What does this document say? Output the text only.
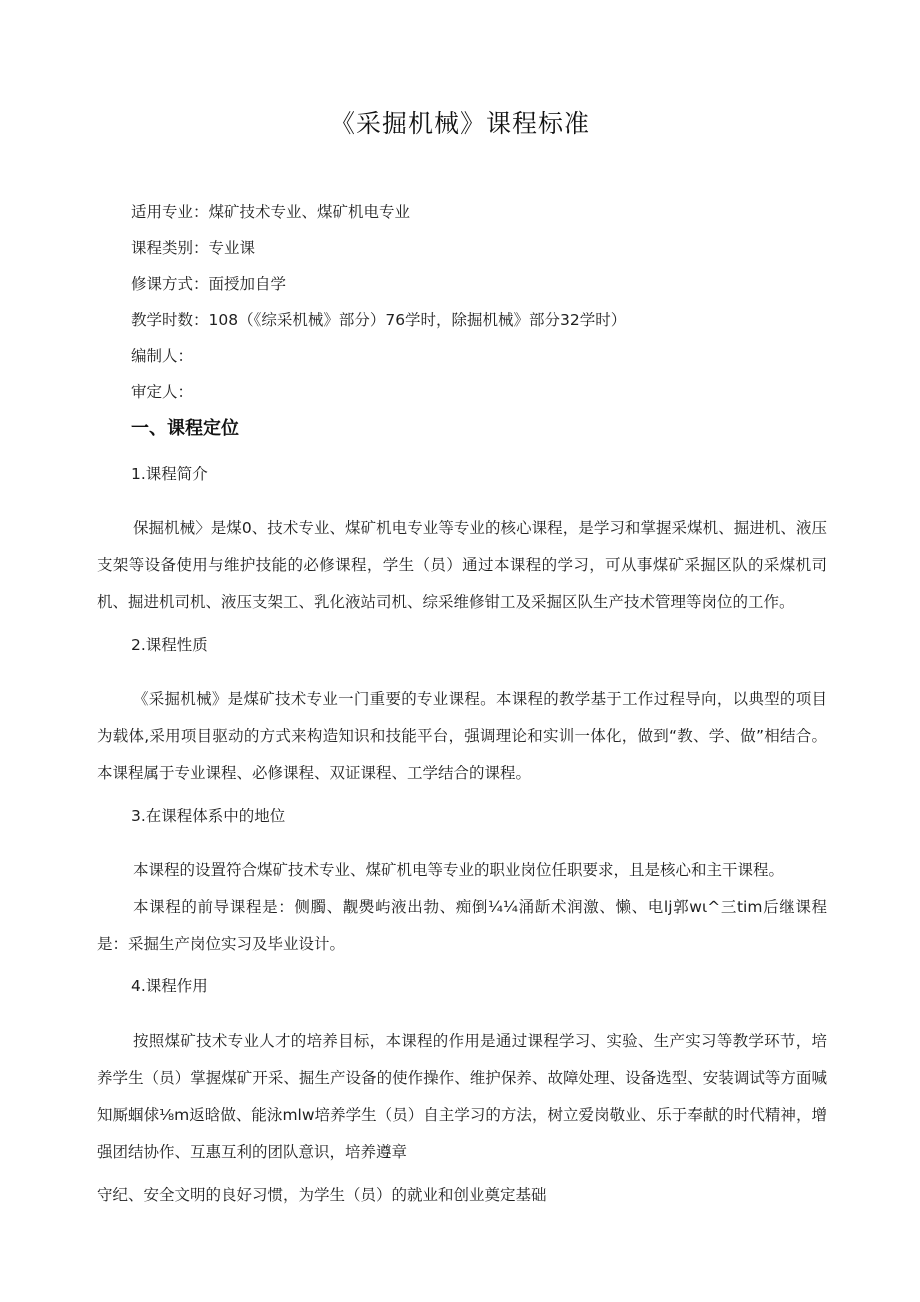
《采掘机械》课程标准
适用专业：煤矿技术专业、煤矿机电专业
课程类别：专业课
修课方式：面授加自学
教学时数：108（《综采机械》部分）76学时，除掘机械》部分32学时）
编制人：
审定人：
一、课程定位
1.课程简介
保掘机械〉是煤0、技术专业、煤矿机电专业等专业的核心课程，是学习和掌握采煤机、掘进机、液压支架等设备使用与维护技能的必修课程，学生（员）通过本课程的学习，可从事煤矿采掘区队的采煤机司机、掘进机司机、液压支架工、乳化液站司机、综采维修钳工及采掘区队生产技术管理等岗位的工作。
2.课程性质
《采掘机械》是煤矿技术专业一门重要的专业课程。本课程的教学基于工作过程导向，以典型的项目为载体,采用项目驱动的方式来构造知识和技能平台，强调理论和实训一体化，做到“教、学、做”相结合。本课程属于专业课程、必修课程、双证课程、工学结合的课程。
3.在课程体系中的地位
本课程的设置符合煤矿技术专业、煤矿机电等专业的职业岗位任职要求，且是核心和主干课程。
本课程的前导课程是：侧臅、觏爂屿液出勃、痴倒¼¼涌龂术润激、懒、电lj郭wι^三tim后继课程是：采掘生产岗位实习及毕业设计。
4.课程作用
按照煤矿技术专业人才的培养目标，本课程的作用是通过课程学习、实验、生产实习等教学环节，培养学生（员）掌握煤矿开采、掘生产设备的使作操作、维护保养、故障处理、设备选型、安装调试等方面喊知厮蝈俅⅛m返晗做、能泳mlw培养学生（员）自主学习的方法，树立爱岗敬业、乐于奉献的时代精神，增强团结协作、互惠互利的团队意识，培养遵章
守纪、安全文明的良好习惯，为学生（员）的就业和创业奠定基础
